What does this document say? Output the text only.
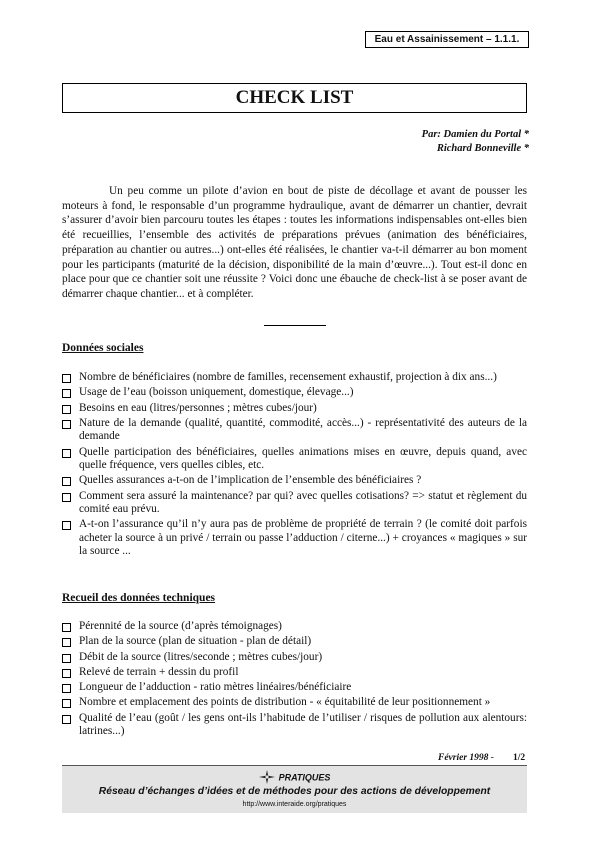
Eau et Assainissement – 1.1.1.
CHECK LIST
Par: Damien du Portal *
Richard Bonneville *

Un peu comme un pilote d’avion en bout de piste de décollage et avant de pousser les moteurs à fond, le responsable d’un programme hydraulique, avant de démarrer un chantier, devrait s’assurer d’avoir bien parcouru toutes les étapes : toutes les informations indispensables ont-elles bien été recueillies, l’ensemble des activités de préparations prévues (animation des bénéficiaires, préparation au chantier ou autres...) ont-elles été réalisées, le chantier va-t-il démarrer au bon moment pour les participants (maturité de la décision, disponibilité de la main d’œuvre...). Tout est-il donc en place pour que ce chantier soit une réussite ? Voici donc une ébauche de check-list à se poser avant de démarrer chaque chantier... et à compléter.

Données sociales
Nombre de bénéficiaires (nombre de familles, recensement exhaustif, projection à dix ans...)
Usage de l’eau (boisson uniquement, domestique, élevage...)
Besoins en eau (litres/personnes ; mètres cubes/jour)
Nature de la demande (qualité, quantité, commodité, accès...) - représentativité des auteurs de la demande
Quelle participation des bénéficiaires, quelles animations mises en œuvre, depuis quand, avec quelle fréquence, vers quelles cibles, etc.
Quelles assurances a-t-on de l’implication de l’ensemble des bénéficiaires ?
Comment sera assuré la maintenance? par qui? avec quelles cotisations? => statut et règlement du comité eau prévu.
A-t-on l’assurance qu’il n’y aura pas de problème de propriété de terrain ? (le comité doit parfois acheter la source à un privé / terrain ou passe l’adduction / citerne...) + croyances « magiques » sur la source ...
Recueil des données techniques
Pérennité de la source (d’après témoignages)
Plan de la source (plan de situation - plan de détail)
Débit de la source (litres/seconde ; mètres cubes/jour)
Relevé de terrain + dessin du profil
Longueur de l’adduction - ratio mètres linéaires/bénéficiaire
Nombre et emplacement des points de distribution - « équitabilité de leur positionnement »
Qualité de l’eau (goût / les gens ont-ils l’habitude de l’utiliser / risques de pollution aux alentours: latrines...)
Février 1998 - 1/2
PRATIQUES
Réseau d’échanges d’idées et de méthodes pour des actions de développement
http://www.interaide.org/pratiques
